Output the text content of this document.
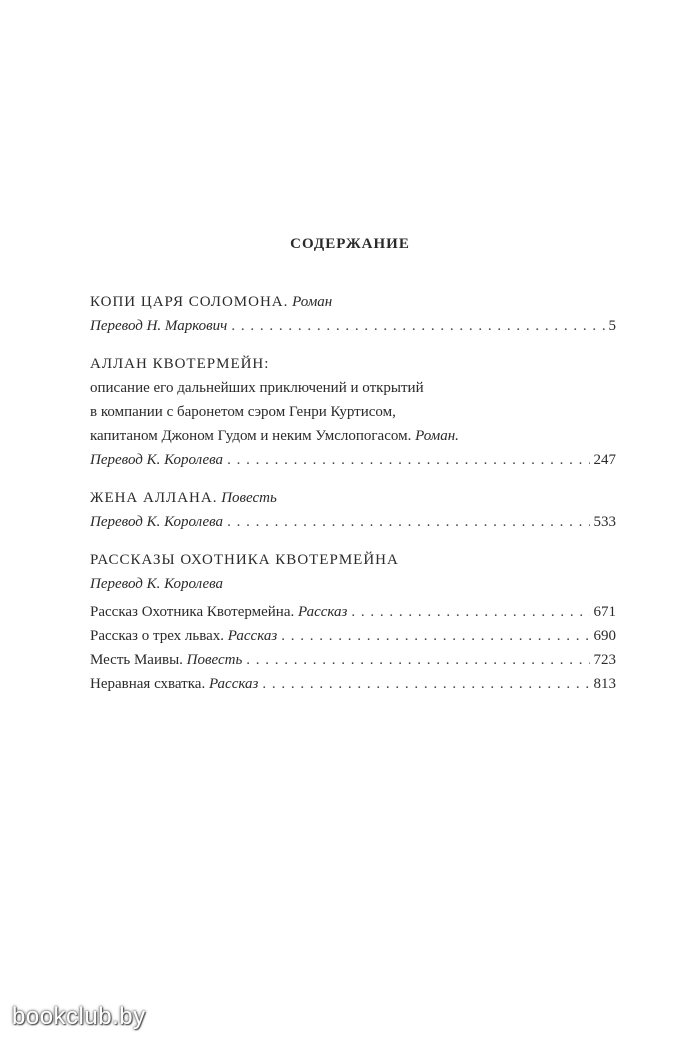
СОДЕРЖАНИЕ
КОПИ ЦАРЯ СОЛОМОНА. Роман
Перевод Н. Маркович . . .	5
АЛЛАН КВОТЕРМЕЙН:
описание его дальнейших приключений и открытий
в компании с баронетом сэром Генри Куртисом,
капитаном Джоном Гудом и неким Умслопогасом. Роман.
Перевод К. Королева . . .	247
ЖЕНА АЛЛАНА. Повесть
Перевод К. Королева . . .	533
РАССКАЗЫ ОХОТНИКА КВОТЕРМЕЙНА
Перевод К. Королева
Рассказ Охотника Квотермейна. Рассказ . . .	671
Рассказ о трех львах. Рассказ . . .	690
Месть Маивы. Повесть . . .	723
Неравная схватка. Рассказ . . .	813
bookclub.by
